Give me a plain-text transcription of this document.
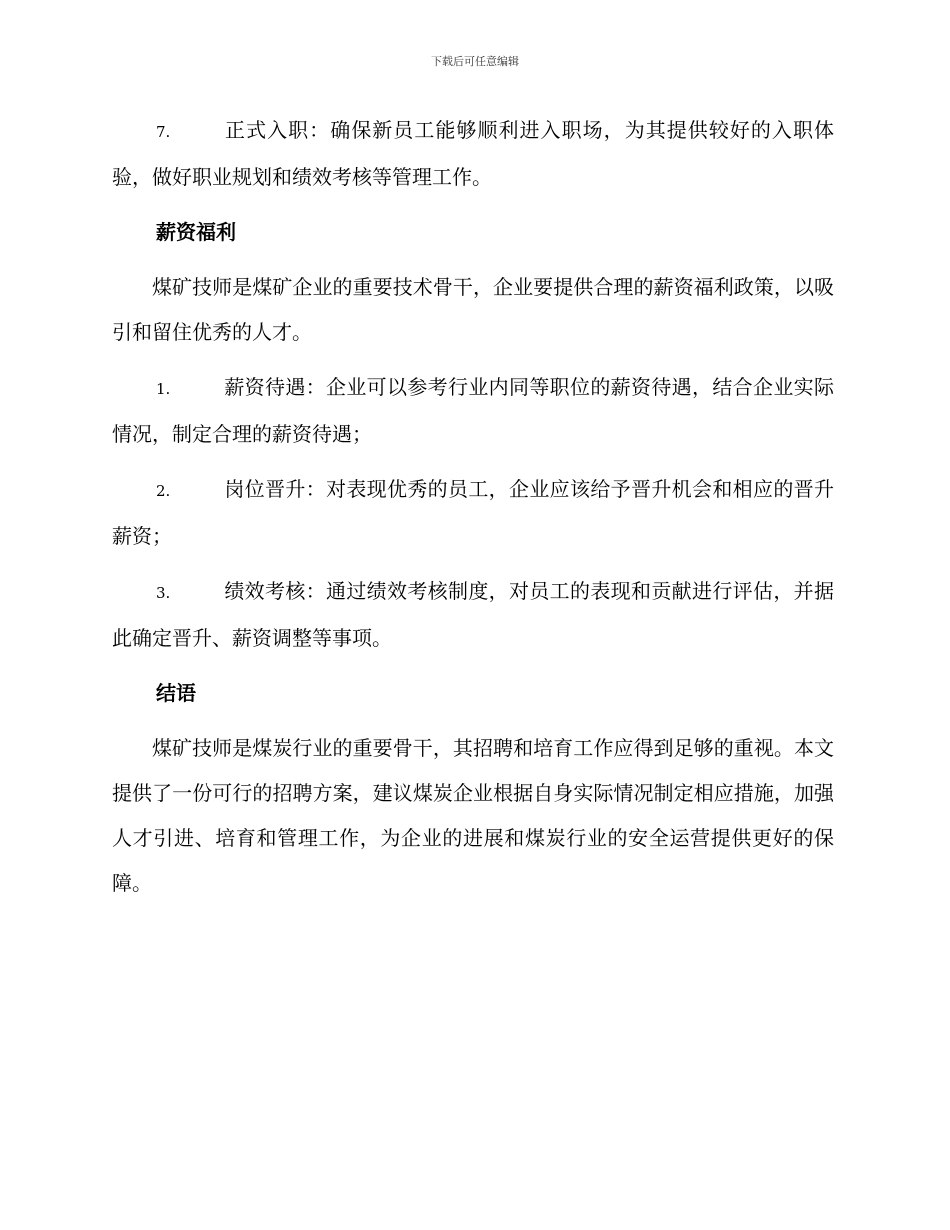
下载后可任意编辑

7.	正式入职：确保新员工能够顺利进入职场，为其提供较好的入职体验，做好职业规划和绩效考核等管理工作。

薪资福利

煤矿技师是煤矿企业的重要技术骨干，企业要提供合理的薪资福利政策，以吸引和留住优秀的人才。

1.	薪资待遇：企业可以参考行业内同等职位的薪资待遇，结合企业实际情况，制定合理的薪资待遇；

2.	岗位晋升：对表现优秀的员工，企业应该给予晋升机会和相应的晋升薪资；

3.	绩效考核：通过绩效考核制度，对员工的表现和贡献进行评估，并据此确定晋升、薪资调整等事项。

结语

煤矿技师是煤炭行业的重要骨干，其招聘和培育工作应得到足够的重视。本文提供了一份可行的招聘方案，建议煤炭企业根据自身实际情况制定相应措施，加强人才引进、培育和管理工作，为企业的进展和煤炭行业的安全运营提供更好的保障。
